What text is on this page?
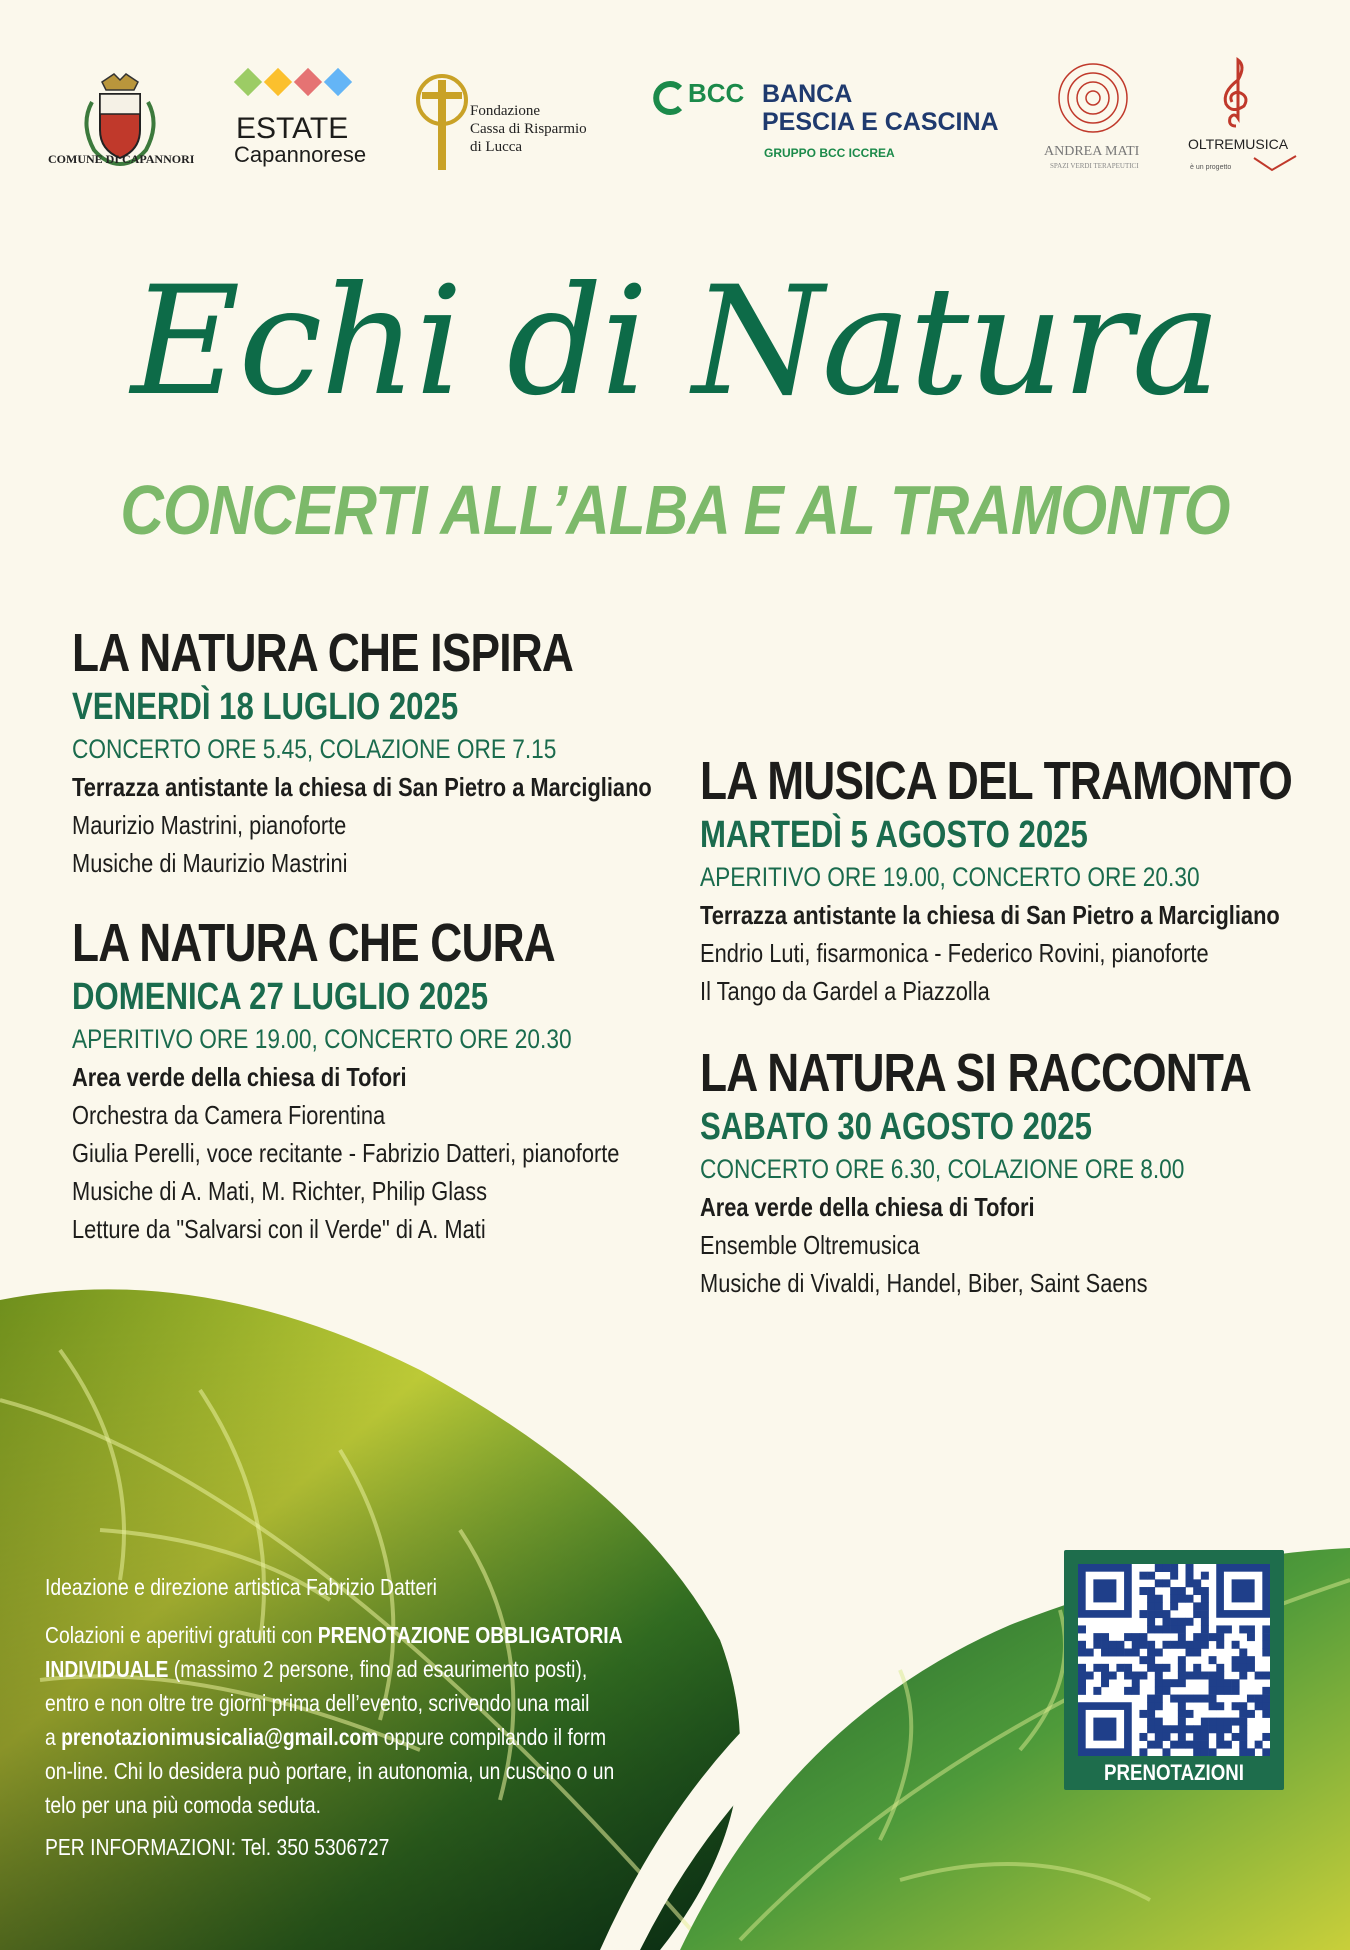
COMUNE DI CAPANNORI
ESTATE
Capannorese
Fondazione
Cassa di Risparmio
di Lucca
BCC BANCA
PESCIA E CASCINA
GRUPPO BCC ICCREA	ANDREA MATI
SPAZI VERDI TERAPEUTICI
OLTREMUSICA
è un progetto
Echi di Natura
CONCERTI ALL’ALBA E AL TRAMONTO
LA NATURA CHE ISPIRA
VENERDÌ 18 LUGLIO 2025
CONCERTO ORE 5.45, COLAZIONE ORE 7.15
Terrazza antistante la chiesa di San Pietro a Marcigliano
Maurizio Mastrini, pianoforte
Musiche di Maurizio Mastrini
LA NATURA CHE CURA
DOMENICA 27 LUGLIO 2025
APERITIVO ORE 19.00, CONCERTO ORE 20.30
Area verde della chiesa di Tofori
Orchestra da Camera Fiorentina
Giulia Perelli, voce recitante - Fabrizio Datteri, pianoforte
Musiche di A. Mati, M. Richter, Philip Glass
Letture da "Salvarsi con il Verde" di A. Mati
LA MUSICA DEL TRAMONTO
MARTEDÌ 5 AGOSTO 2025
APERITIVO ORE 19.00, CONCERTO ORE 20.30
Terrazza antistante la chiesa di San Pietro a Marcigliano
Endrio Luti, fisarmonica - Federico Rovini, pianoforte
Il Tango da Gardel a Piazzolla
LA NATURA SI RACCONTA
SABATO 30 AGOSTO 2025
CONCERTO ORE 6.30, COLAZIONE ORE 8.00
Area verde della chiesa di Tofori
Ensemble Oltremusica
Musiche di Vivaldi, Handel, Biber, Saint Saens
Ideazione e direzione artistica Fabrizio Datteri
Colazioni e aperitivi gratuiti con PRENOTAZIONE OBBLIGATORIA
INDIVIDUALE (massimo 2 persone, fino ad esaurimento posti),
entro e non oltre tre giorni prima dell’evento, scrivendo una mail
a prenotazionimusicalia@gmail.com oppure compilando il form
on-line. Chi lo desidera può portare, in autonomia, un cuscino o un
telo per una più comoda seduta.
PER INFORMAZIONI: Tel. 350 5306727
PRENOTAZIONI
